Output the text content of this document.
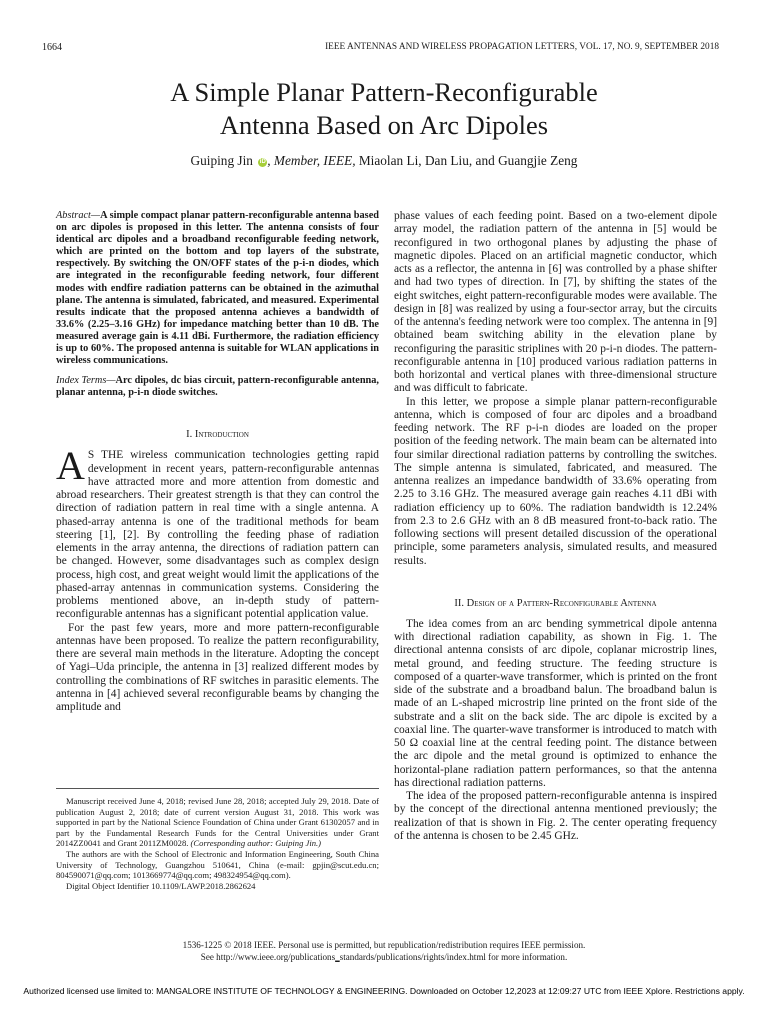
1664	IEEE ANTENNAS AND WIRELESS PROPAGATION LETTERS, VOL. 17, NO. 9, SEPTEMBER 2018
A Simple Planar Pattern-Reconfigurable
Antenna Based on Arc Dipoles
Guiping Jin iD , Member, IEEE, Miaolan Li, Dan Liu, and Guangjie Zeng

Abstract—A simple compact planar pattern-reconfigurable antenna based on arc dipoles is proposed in this letter. The antenna consists of four identical arc dipoles and a broadband reconfigurable feeding network, which are printed on the bottom and top layers of the substrate, respectively. By switching the ON/OFF states of the p-i-n diodes, which are integrated in the reconfigurable feeding network, four different modes with endfire radiation patterns can be obtained in the azimuthal plane. The antenna is simulated, fabricated, and measured. Experimental results indicate that the proposed antenna achieves a bandwidth of 33.6% (2.25–3.16 GHz) for impedance matching better than 10 dB. The measured average gain is 4.11 dBi. Furthermore, the radiation efficiency is up to 60%. The proposed antenna is suitable for WLAN applications in wireless communications.

Index Terms—Arc dipoles, dc bias circuit, pattern-reconfigurable antenna, planar antenna, p-i-n diode switches.

I. Introduction

A S THE wireless communication technologies getting rapid development in recent years, pattern-reconfigurable antennas have attracted more and more attention from domestic and abroad researchers. Their greatest strength is that they can control the direction of radiation pattern in real time with a single antenna. A phased-array antenna is one of the traditional methods for beam steering [1], [2]. By controlling the feeding phase of radiation elements in the array antenna, the directions of radiation pattern can be changed. However, some disadvantages such as complex design process, high cost, and great weight would limit the applications of the phased-array antennas in communication systems. Considering the problems mentioned above, an in-depth study of pattern-reconfigurable antennas has a significant potential application value.

For the past few years, more and more pattern-reconfigurable antennas have been proposed. To realize the pattern reconfigurability, there are several main methods in the literature. Adopting the concept of Yagi–Uda principle, the antenna in [3] realized different modes by controlling the combinations of RF switches in parasitic elements. The antenna in [4] achieved several reconfigurable beams by changing the amplitude and

Manuscript received June 4, 2018; revised June 28, 2018; accepted July 29, 2018. Date of publication August 2, 2018; date of current version August 31, 2018. This work was supported in part by the National Science Foundation of China under Grant 61302057 and in part by the Fundamental Research Funds for the Central Universities under Grant 2014ZZ0041 and Grant 2011ZM0028. (Corresponding author: Guiping Jin.)

The authors are with the School of Electronic and Information Engineering, South China University of Technology, Guangzhou 510641, China (e-mail: gpjin@scut.edu.cn; 804590071@qq.com; 1013669774@qq.com; 498324954@qq.com).

Digital Object Identifier 10.1109/LAWP.2018.2862624

phase values of each feeding point. Based on a two-element dipole array model, the radiation pattern of the antenna in [5] would be reconfigured in two orthogonal planes by adjusting the phase of magnetic dipoles. Placed on an artificial magnetic conductor, which acts as a reflector, the antenna in [6] was controlled by a phase shifter and had two types of direction. In [7], by shifting the states of the eight switches, eight pattern-reconfigurable modes were available. The design in [8] was realized by using a four-sector array, but the circuits of the antenna's feeding network were too complex. The antenna in [9] obtained beam switching ability in the elevation plane by reconfiguring the parasitic striplines with 20 p-i-n diodes. The pattern-reconfigurable antenna in [10] produced various radiation patterns in both horizontal and vertical planes with three-dimensional structure and was difficult to fabricate.

In this letter, we propose a simple planar pattern-reconfigurable antenna, which is composed of four arc dipoles and a broadband feeding network. The RF p-i-n diodes are loaded on the proper position of the feeding network. The main beam can be alternated into four similar directional radiation patterns by controlling the switches. The simple antenna is simulated, fabricated, and measured. The antenna realizes an impedance bandwidth of 33.6% operating from 2.25 to 3.16 GHz. The measured average gain reaches 4.11 dBi with radiation efficiency up to 60%. The radiation bandwidth is 12.24% from 2.3 to 2.6 GHz with an 8 dB measured front-to-back ratio. The following sections will present detailed discussion of the operational principle, some parameters analysis, simulated results, and measured results.

II. Design of a Pattern-Reconfigurable Antenna

The idea comes from an arc bending symmetrical dipole antenna with directional radiation capability, as shown in Fig. 1. The directional antenna consists of arc dipole, coplanar microstrip lines, metal ground, and feeding structure. The feeding structure is composed of a quarter-wave transformer, which is printed on the front side of the substrate and a broadband balun. The broadband balun is made of an L-shaped microstrip line printed on the front side of the substrate and a slit on the back side. The arc dipole is excited by a coaxial line. The quarter-wave transformer is introduced to match with 50 Ω coaxial line at the central feeding point. The distance between the arc dipole and the metal ground is optimized to enhance the horizontal-plane radiation pattern performances, so that the antenna has directional radiation patterns.

The idea of the proposed pattern-reconfigurable antenna is inspired by the concept of the directional antenna mentioned previously; the realization of that is shown in Fig. 2. The center operating frequency of the antenna is chosen to be 2.45 GHz.

1536-1225 © 2018 IEEE. Personal use is permitted, but republication/redistribution requires IEEE permission.
See http://www.ieee.org/publications_standards/publications/rights/index.html for more information.
Authorized licensed use limited to: MANGALORE INSTITUTE OF TECHNOLOGY & ENGINEERING. Downloaded on October 12,2023 at 12:09:27 UTC from IEEE Xplore. Restrictions apply.
